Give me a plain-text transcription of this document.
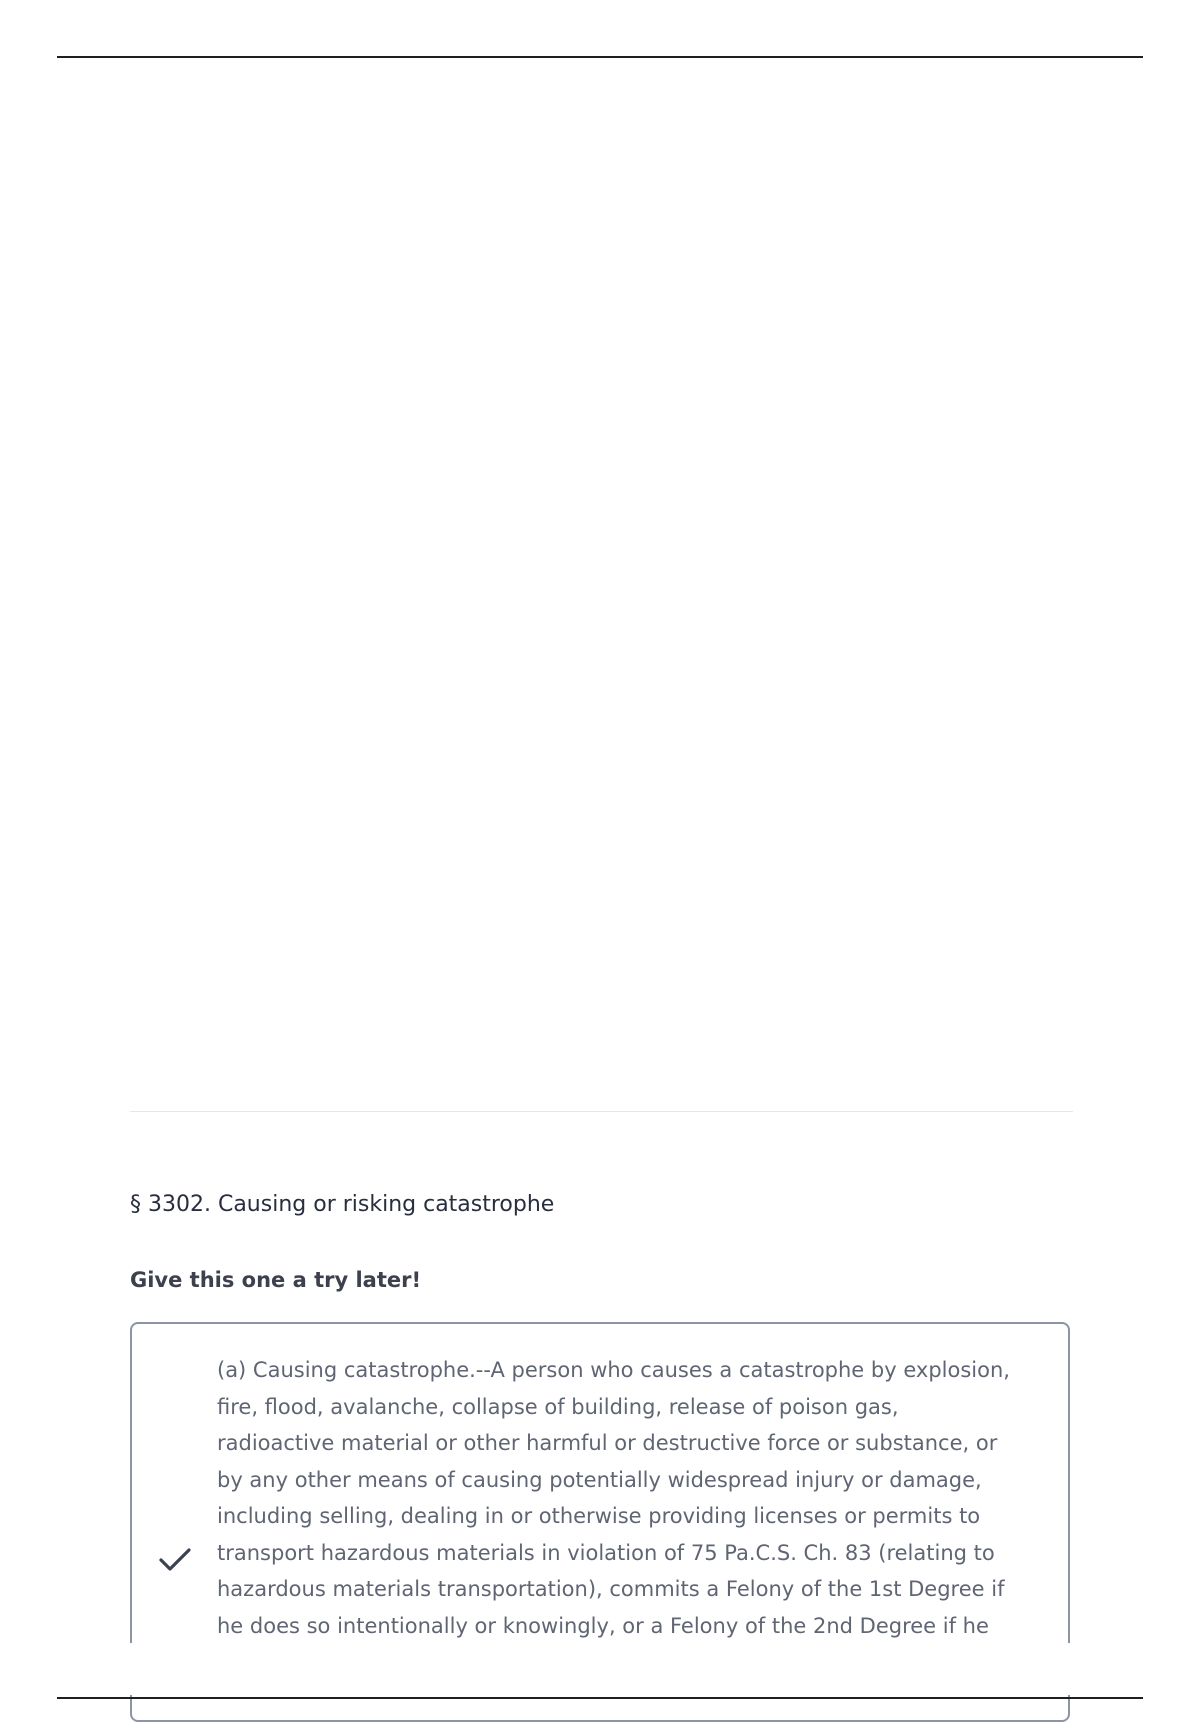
§ 3302. Causing or risking catastrophe
Give this one a try later!
(a) Causing catastrophe.--A person who causes a catastrophe by explosion,
fire, flood, avalanche, collapse of building, release of poison gas,
radioactive material or other harmful or destructive force or substance, or
by any other means of causing potentially widespread injury or damage,
including selling, dealing in or otherwise providing licenses or permits to
transport hazardous materials in violation of 75 Pa.C.S. Ch. 83 (relating to
hazardous materials transportation), commits a Felony of the 1st Degree if
he does so intentionally or knowingly, or a Felony of the 2nd Degree if he
